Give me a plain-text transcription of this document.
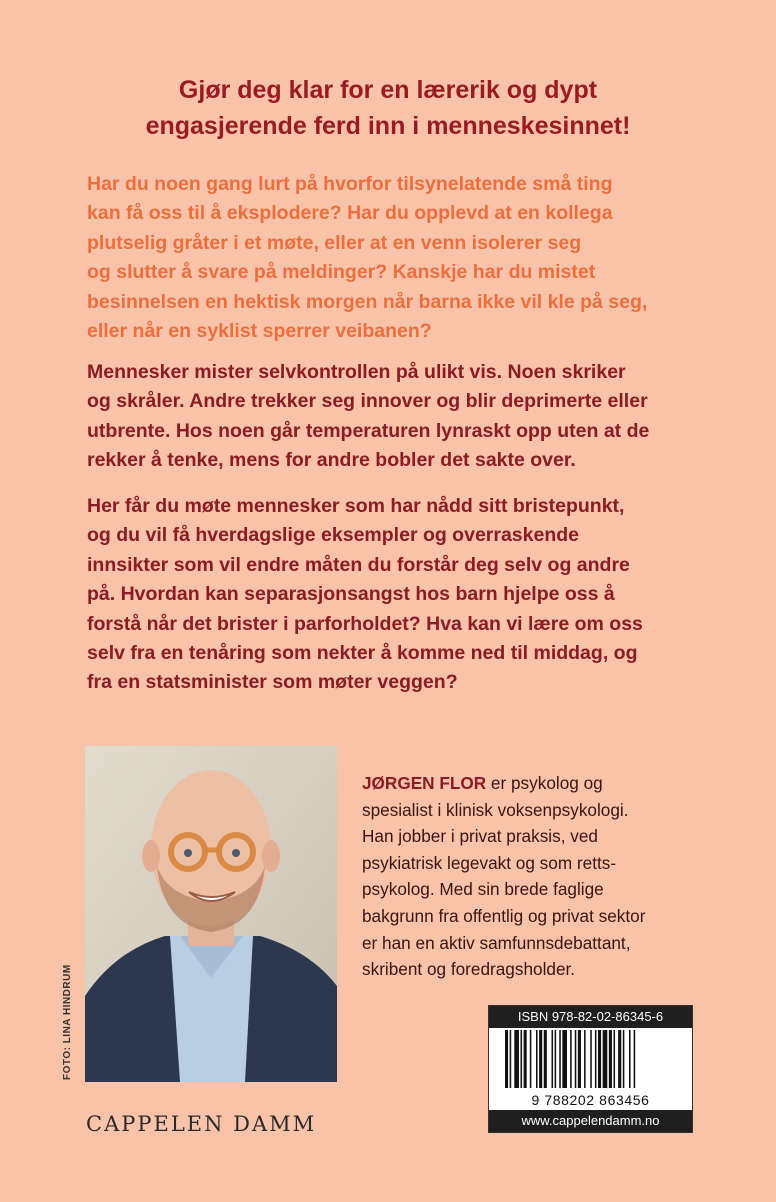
Gjør deg klar for en lærerik og dypt
engasjerende ferd inn i menneskesinnet!
Har du noen gang lurt på hvorfor tilsynelatende små ting
kan få oss til å eksplodere? Har du opplevd at en kollega
plutselig gråter i et møte, eller at en venn isolerer seg
og slutter å svare på meldinger? Kanskje har du mistet
besinnelsen en hektisk morgen når barna ikke vil kle på seg,
eller når en syklist sperrer veibanen?
Mennesker mister selvkontrollen på ulikt vis. Noen skriker
og skråler. Andre trekker seg innover og blir deprimerte eller
utbrente. Hos noen går temperaturen lynraskt opp uten at de
rekker å tenke, mens for andre bobler det sakte over.
Her får du møte mennesker som har nådd sitt bristepunkt,
og du vil få hverdagslige eksempler og overraskende
innsikter som vil endre måten du forstår deg selv og andre
på. Hvordan kan separasjonsangst hos barn hjelpe oss å
forstå når det brister i parforholdet? Hva kan vi lære om oss
selv fra en tenåring som nekter å komme ned til middag, og
fra en statsminister som møter veggen?
FOTO: LINA HINDRUM
JØRGEN FLOR er psykolog og
spesialist i klinisk voksenpsykologi.
Han jobber i privat praksis, ved
psykiatrisk legevakt og som retts-
psykolog. Med sin brede faglige
bakgrunn fra offentlig og privat sektor
er han en aktiv samfunnsdebattant,
skribent og foredragsholder.
CAPPELEN DAMM
ISBN 978-82-02-86345-6
9 788202 863456
www.cappelendamm.no
